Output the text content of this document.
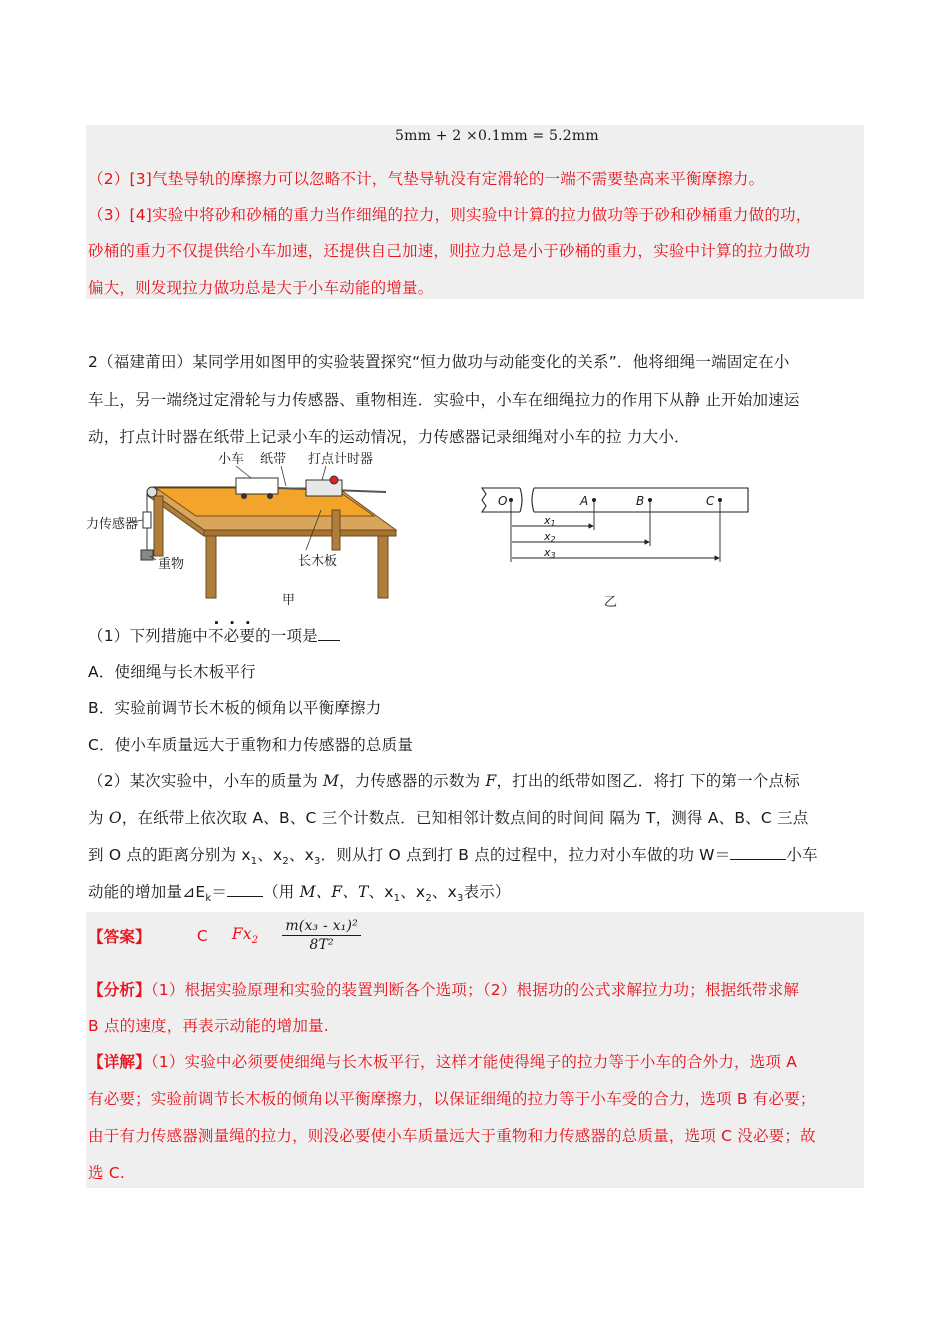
5mm + 2 ×0.1mm = 5.2mm
（2）[3]气垫导轨的摩擦力可以忽略不计，气垫导轨没有定滑轮的一端不需要垫高来平衡摩擦力。
（3）[4]实验中将砂和砂桶的重力当作细绳的拉力，则实验中计算的拉力做功等于砂和砂桶重力做的功，
砂桶的重力不仅提供给小车加速，还提供自己加速，则拉力总是小于砂桶的重力，实验中计算的拉力做功
偏大，则发现拉力做功总是大于小车动能的增量。
2（福建莆田）某同学用如图甲的实验装置探究“恒力做功与动能变化的关系”．他将细绳一端固定在小
车上，另一端绕过定滑轮与力传感器、重物相连．实验中，小车在细绳拉力的作用下从静 止开始加速运
动，打点计时器在纸带上记录小车的运动情况，力传感器记录细绳对小车的拉 力大小．
小车 纸带 打点计时器
力传感器
重物	长木板
甲
O	A	B	C
x1
x2
x3
乙
（1）下列措施中不必要的一项是
A．使细绳与长木板平行
B．实验前调节长木板的倾角以平衡摩擦力
C．使小车质量远大于重物和力传感器的总质量
（2）某次实验中，小车的质量为 M，力传感器的示数为 F，打出的纸带如图乙．将打 下的第一个点标
为 O，在纸带上依次取 A、B、C 三个计数点．已知相邻计数点间的时间间 隔为 T，测得 A、B、C 三点
到 O 点的距离分别为 $x_1$、$x_2$、$x_3$．则从打 O 点到打 B 点的过程中，拉力对小车做的功 W＝	小车
动能的增加量$⊿E_k=$ （用 M、F、T、$x_1$、$x_2$、$x_3$表示）
【答案】	C $Fx_2 \frac{\text{m(x₃ - x₁)²}}{\text{8T²}}$
【分析】（1）根据实验原理和实验的装置判断各个选项；（2）根据功的公式求解拉力功；根据纸带求解
B 点的速度，再表示动能的增加量.
【详解】（1）实验中必须要使细绳与长木板平行，这样才能使得绳子的拉力等于小车的合外力，选项 A
有必要；实验前调节长木板的倾角以平衡摩擦力，以保证细绳的拉力等于小车受的合力，选项 B 有必要；
由于有力传感器测量绳的拉力，则没必要使小车质量远大于重物和力传感器的总质量，选项 C 没必要；故
选 C.
